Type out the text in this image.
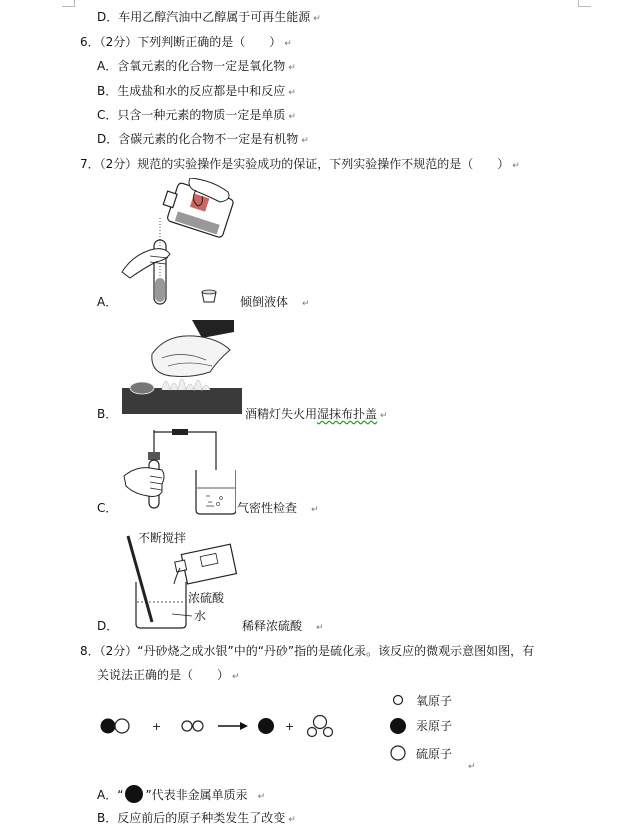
D．车用乙醇汽油中乙醇属于可再生能源 ↵
6．（2分）下列判断正确的是（　　） ↵
A．含氧元素的化合物一定是氧化物 ↵
B．生成盐和水的反应都是中和反应 ↵
C．只含一种元素的物质一定是单质 ↵
D．含碳元素的化合物不一定是有机物 ↵
7．（2分）规范的实验操作是实验成功的保证，下列实验操作不规范的是（　　） ↵
A．	倾倒液体 ↵
B．	酒精灯失火用湿抹布扑盖 ↵
C．	气密性检查 ↵
不断搅拌
浓硫酸
水
D．	稀释浓硫酸 ↵
8．（2分）“丹砂烧之成水银”中的“丹砂”指的是硫化汞。该反应的微观示意图如图，有
关说法正确的是（　　） ↵
+	+
氧原子
汞原子
硫原子
↵
A．“ ”代表非金属单质汞 ↵
B．反应前后的原子种类发生了改变 ↵
